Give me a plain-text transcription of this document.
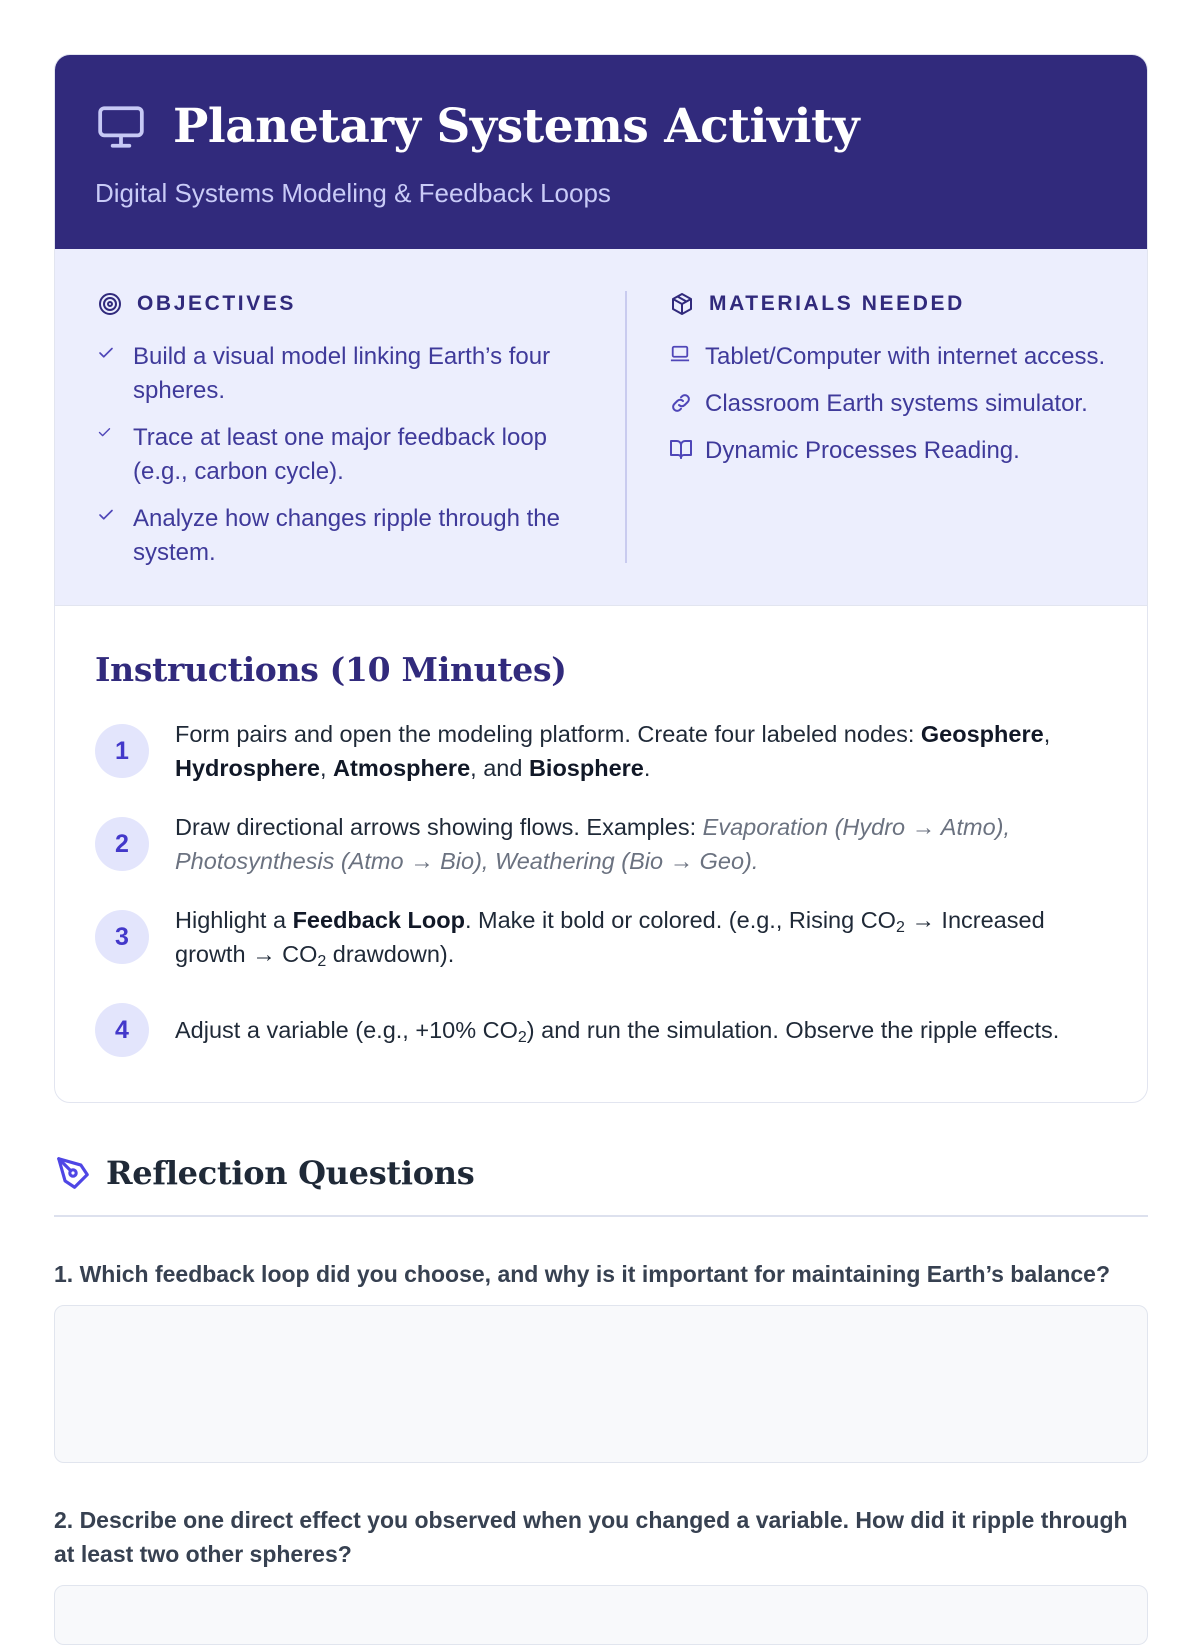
Planetary Systems Activity
Digital Systems Modeling & Feedback Loops
OBJECTIVES
Build a visual model linking Earth’s four spheres.
Trace at least one major feedback loop (e.g., carbon cycle).
Analyze how changes ripple through the system.
MATERIALS NEEDED
Tablet/Computer with internet access.
Classroom Earth systems simulator.
Dynamic Processes Reading.
Instructions (10 Minutes)
1
Form pairs and open the modeling platform. Create four labeled nodes: Geosphere, Hydrosphere, Atmosphere, and Biosphere.
2
Draw directional arrows showing flows. Examples: Evaporation (Hydro → Atmo), Photosynthesis (Atmo → Bio), Weathering (Bio → Geo).
3
Highlight a Feedback Loop. Make it bold or colored. (e.g., Rising $CO_2$ → Increased growth → $CO_2$ drawdown).
4	Adjust a variable (e.g., +10% $CO_2$) and run the simulation. Observe the ripple effects.
Reflection Questions
1. Which feedback loop did you choose, and why is it important for maintaining Earth’s balance?
2. Describe one direct effect you observed when you changed a variable. How did it ripple through at least two other spheres?
